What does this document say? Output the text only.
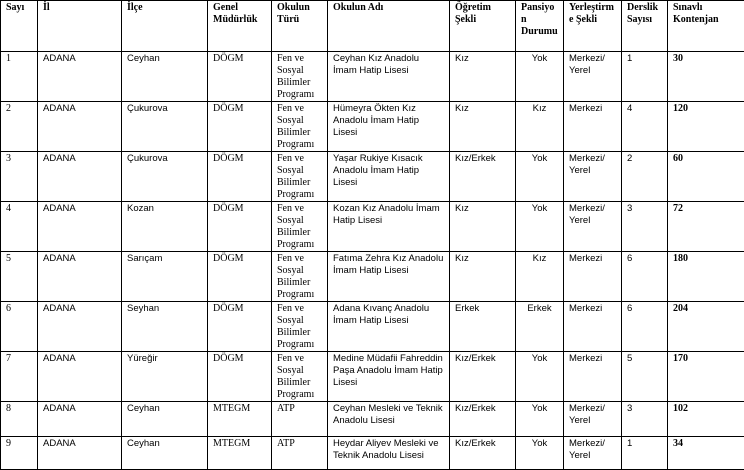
Sayı	İl	İlçe	Genel Müdürlük	Okulun Türü	Okulun Adı	Öğretim Şekli	Pansiyon Durumu	Yerleştirme Şekli	Derslik Sayısı	Sınavlı Kontenjan
1	ADANA	Ceyhan	DÖGM	Fen ve Sosyal Bilimler Programı	Ceyhan Kız Anadolu İmam Hatip Lisesi	Kız	Yok	Merkezi/ Yerel	1	30
2	ADANA	Çukurova	DÖGM	Fen ve Sosyal Bilimler Programı	Hümeyra Ökten Kız Anadolu İmam Hatip Lisesi	Kız	Kız	Merkezi	4	120
3	ADANA	Çukurova	DÖGM	Fen ve Sosyal Bilimler Programı	Yaşar Rukiye Kısacık Anadolu İmam Hatip Lisesi	Kız/Erkek	Yok	Merkezi/ Yerel	2	60
4	ADANA	Kozan	DÖGM	Fen ve Sosyal Bilimler Programı	Kozan Kız Anadolu İmam Hatip Lisesi	Kız	Yok	Merkezi/ Yerel	3	72
5	ADANA	Sarıçam	DÖGM	Fen ve Sosyal Bilimler Programı	Fatıma Zehra Kız Anadolu İmam Hatip Lisesi	Kız	Kız	Merkezi	6	180
6	ADANA	Seyhan	DÖGM	Fen ve Sosyal Bilimler Programı	Adana Kıvanç Anadolu İmam Hatip Lisesi	Erkek	Erkek	Merkezi	6	204
7	ADANA	Yüreğir	DÖGM	Fen ve Sosyal Bilimler Programı	Medine Müdafii Fahreddin Paşa Anadolu İmam Hatip Lisesi	Kız/Erkek	Yok	Merkezi	5	170
8	ADANA	Ceyhan	MTEGM	ATP	Ceyhan Mesleki ve Teknik Anadolu Lisesi	Kız/Erkek	Yok	Merkezi/ Yerel	3	102
9	ADANA	Ceyhan	MTEGM	ATP	Heydar Aliyev Mesleki ve Teknik Anadolu Lisesi	Kız/Erkek	Yok	Merkezi/ Yerel	1	34
